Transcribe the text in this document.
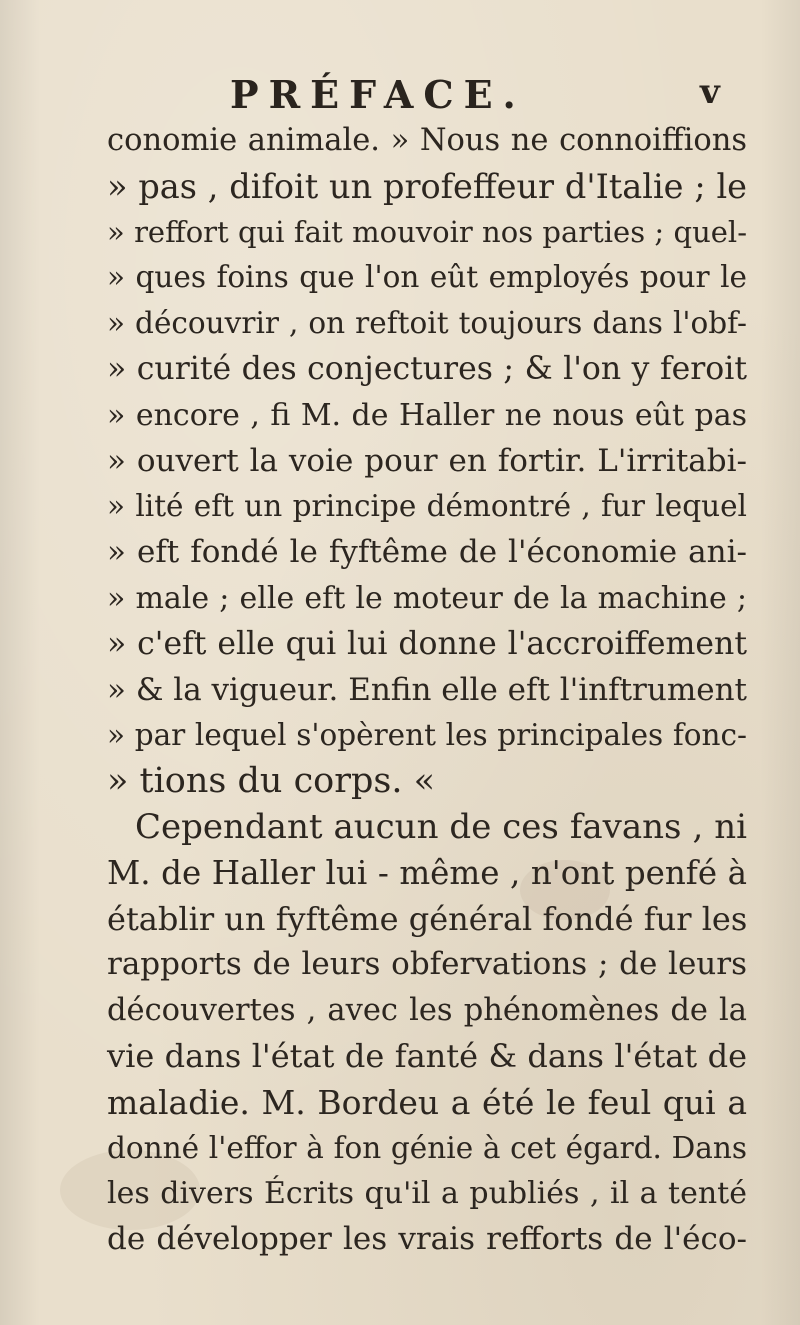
PRÉFACE.	v
conomie animale. » Nous ne connoiffions
» pas , difoit un profeffeur d'Italie ; le
» reffort qui fait mouvoir nos parties ; quel-
» ques foins que l'on eût employés pour le
» découvrir , on reftoit toujours dans l'obf-
» curité des conjectures ; & l'on y feroit
» encore , fi M. de Haller ne nous eût pas
» ouvert la voie pour en fortir. L'irritabi-
» lité eft un principe démontré , fur lequel
» eft fondé le fyftême de l'économie ani-
» male ; elle eft le moteur de la machine ;
» c'eft elle qui lui donne l'accroiffement
» & la vigueur. Enfin elle eft l'inftrument
» par lequel s'opèrent les principales fonc-
» tions du corps. «
Cependant aucun de ces favans , ni
M. de Haller lui - même , n'ont penfé à
établir un fyftême général fondé fur les
rapports de leurs obfervations ; de leurs
découvertes , avec les phénomènes de la
vie dans l'état de fanté & dans l'état de
maladie. M. Bordeu a été le feul qui a
donné l'effor à fon génie à cet égard. Dans
les divers Écrits qu'il a publiés , il a tenté
de développer les vrais refforts de l'éco-
